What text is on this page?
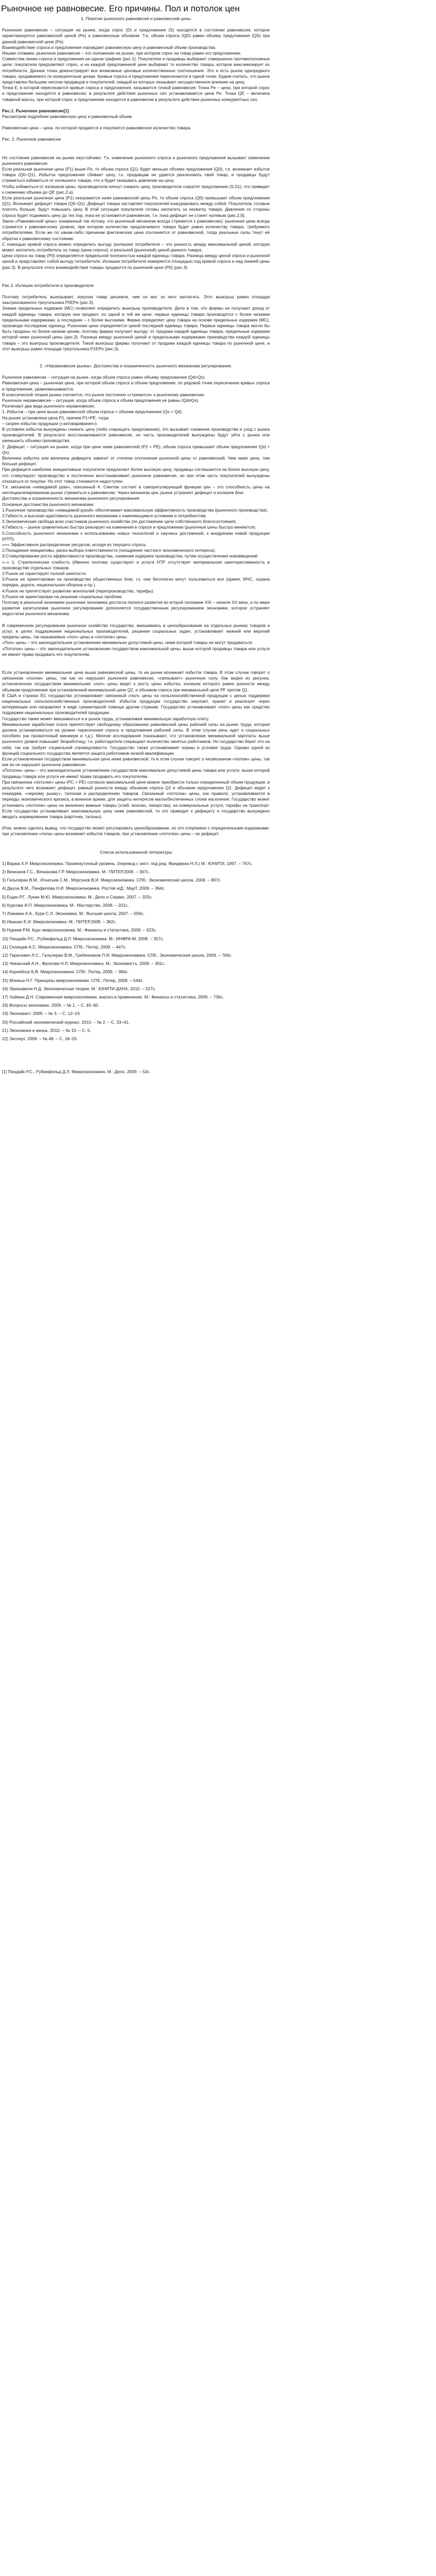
Рыночное не равновесие. Его причины. Пол и потолок цен

1. Понятие рыночного равновесия и равновесной цены

Рыночное равновесие – ситуация на рынке, когда спрос (D) и предложение (S) находятся в состоянии равновесия, которое характеризуется равновесной ценой (Pe) и равновесным объемом. Т.е. объем спроса (QD) равен объему предложения (QS) при данной равновесной цене (Pe).

Взаимодействие спроса и предложения порождает равновесную цену и равновесный объем производства.

Иными словами, рыночное равновесие – это положение на рынке, при котором спрос на товар равен его предложению.

Совместим линии спроса и предложения на одном графике (рис.1). Покупатели и продавцы выбирают совершенно противоположные цели: покупатели предъявляют спрос, и на каждой предложенной цене выбирают то количество товара, которое максимизирует их потребности. Данная точка демонстрирует все возможные ценовые количественные соотношения. Это и есть рынок однородного товара, продаваемого по конкурентным ценам. Кривые спроса и предложения пересекаются в одной точке. Будем считать, что рынок представлен большим числом продавцов и покупателей, каждый из которых оказывает несущественное влияние на цену.

Точка Е, в которой пересекаются кривые спроса и предложения, называется точкой равновесия. Точка Pe – цена, при которой спрос и предложение находятся в равновесии; в результате действия рыночных сил устанавливается цена Pe. Точка QE – величина товарной массы, при которой спрос и предложение находятся в равновесии в результате действия рыночных конкурентных сил.

Рис.1. Рыночное равновесие[1]

Рассмотрим подробнее равновесную цену и равновесный объем.

Равновесная цена – цена, по которой продается и покупается равновесное количество товара.

Рис. 2. Рыночное равновесие

Но состояние равновесия на рынке неустойчиво. Т.к. изменение рыночного спроса и рыночного предложения вызывает изменение рыночного равновесия.

Если реальная рыночная цена (P1) выше Pe, то объем спроса (Q1) будет меньше объема предложения (Q0), т.е. возникает избыток товара (Q0–Q1). Избыток предложения сбивает цену, т.к. продавцам не удается реализовать свой товар, и продавцы будут стремиться избавиться от излишнего товара, что и будет оказывать давление на цену.

Чтобы избавиться от излишков цены, производители начнут снижать цену, производители сократят предложение (S,S1), что приведет к снижению объема до QE (рис.2,а).

Если реальная рыночная цена (P1) оказывается ниже равновесной цены Pe, то объем спроса (Q0) превышает объем предложения (Q1). Возникает дефицит товара (Q0–Q1). Дефицит товара заставляет покупателей конкурировать между собой. Покупатели, готовые платить больше, будут повышать цену. В этой ситуации покупатели готовы заплатить за нехватку товара. Давление со стороны спроса будет поднимать цену до тех пор, пока не установится равновесие, т.е. пока дефицит не станет нулевым (рис.2,б).

Закон «Равновесной цены» (названный так потому, что рыночный механизм всегда стремится к равновесию): рыночная цена всегда стремится к равновесному уровню, при котором количество предлагаемого товара будет равно количеству товара, требуемого потребителями. Если же по каким-либо причинам фактическая цена отклоняется от равновесной, тогда реальные силы тянут её обратно к равновесному состоянию.

С помощью кривой спроса можно определить выгоду (излишек) потребителя – это разность между максимальной ценой, которую может заплатить потребитель за товар (цена спроса), и реальной (рыночной) ценой данного товара.

Цена спроса на товар (P0) определяется предельной полезностью каждой единицы товара. Разница между ценой спроса и рыночной ценой и представляет собой выгоду потребителя. Излишек потребителя измеряется площадью под кривой спроса и над линией цены (рис.3). В результате этого взаимодействия товары продаются по рыночной цене (P0) (рис.3).

Рис.3. Излишек потребителя и производителя

Поэтому потребитель выигрывает, покупая товар дешевле, чем он мог за него заплатить. Этот выигрыш равен площади заштрихованного треугольника P0EPe (рис.3).

Знание предельных издержек (MC) позволяет определить выигрыш производителя. Дело в том, что фирмы не получают доход от каждой единицы товара, которую они продают, по одной и той же цене: первые единицы товара производятся с более низкими предельными издержками, а последние – с более высокими. Фирма определяет цену товара на основе предельных издержек (MC), производя последнюю единицу. Рыночная цена определяется ценой последней единицы товара. Первые единицы товара могли бы быть проданы по более низким ценам, поэтому фирма получает выгоду: от продажи каждой единицы товара, предельные издержки которой ниже рыночной цены (рис.3). Разница между рыночной ценой и предельными издержками производства каждой единицы товара – это выигрыш производителя. Такой выигрыш фирмы получают от продажи каждой единицы товара по рыночной цене, и этот выигрыш равен площади треугольника P1EPe (рис.3).

2. «Неравновесие рынка». Достоинства и ограниченность рыночного механизма регулирования.

Рыночное равновесие – ситуация на рынке, когда объем спроса равен объему предложения (Qd=Qs).

Равновесная цена – рыночная цена, при которой объем спроса и объем предложения, по рядовой точке пересечения кривых спроса и предложения, уравновешиваются.

В классической теории рынка считается, что рынок постоянно «стремится» к рыночному равновесию.

Рыночное неравновесие – ситуация, когда объем спроса и объем предложения не равны (Qd≠Qs).

Различают два вида рыночного неравновесия:

1. Избыток – при цене выше равновесной объем спроса < объема предложения (Qs > Qd).

На рынке установлена цена P1, причем P1>PE, тогда

– скорее избыток продукции («затоваривание»).

В условиях избытка вынуждены снижать цену (либо сокращать предложение), это вызывает снижение производства и уход с рынка производителей. В результате восстанавливается равновесие, но часть производителей вынуждены будут уйти с рынка или уменьшить объемы производства.

2. Дефицит – ситуация на рынке, когда при цене ниже равновесной (P2 < PE), объем спроса превышает объем предложения (Qd > Qs).

Величина избытка или величина дефицита зависит от степени отклонения рыночной цены от равновесной. Чем ниже цена, тем больше дефицит.

При дефиците наиболее инициативные покупатели предлагают более высокую цену, продавцы соглашаются на более высокую цену, что стимулирует производство и постепенно восстанавливает рыночное равновесие, но при этом часть покупателей вынуждены отказаться от покупки. Но этот товар становится недоступен.

Т.е. механизм «невидимой руки», описанный А. Смитом состоит в саморегулирующей функции цен – это способность цены на неспециализированном рынке стремиться к равновесию. Через механизм цен, рынок устраняет дефицит и излишек благ.

Достоинства и ограниченность механизма рыночного регулирования.

Основные достоинства рыночного механизма:

1.Рыночное производство «невидимой рукой» обеспечивает максимальную эффективность производства (рыночного производства).

2.Гибкость и высокая адаптивность рыночного механизма к изменяющимся условиям и потребностям.

3.Экономическая свобода всех участников рыночного хозяйства (по достижению цели собственного благосостояния).

4.Гибкость – рынок сравнительно быстро реагирует на изменения в спросе и предложении (рыночные цены быстро меняются).

5.Способность рыночного механизма к использованию новых технологий и научных достижений, к внедрению новой продукции (НТП).

«+» Эффективное распределение ресурсов, исходя из текущего спроса.

2.Поощрение инициативы, риска выбора ответственности (поощрение частного экономического интереса).

3.Стимулирование роста эффективности производства, снижение издержек производства, путем осуществления нововведений.

«–» 1. Стратегическая слабость (Именно поэтому существуют и услуги НТР отсутствует материальная заинтересованность в производстве отдельных товаров.

2.Рынок не гарантирует полной занятости.

3.Рынок не ориентирован на производство общественных благ, т.к. они бесплатно могут пользоваться все (армия, МЧС, охрана порядка, дороги, национальная оборона и пр.).

4.Рынок не препятствует развитию монополий (перепроизводство, тарифы).

5.Рынок не ориентирован на решение социальных проблем.

Поэтому в реальной экономике рыночная экономика достигла полного развития во второй половине XIX – начале XX века, а по мере развития капитализма рыночное регулирование дополняется государственным регулированием экономики, которое устраняет недостатки рыночного механизма.

В современном регулировании рыночное хозяйство государство, вмешиваясь в ценообразование на отдельных рынках товаров и услуг, в целях поддержания национальных производителей, решения социальных задач, устанавливает нижний или верхний пределы цены, так называемые «пол» цены и «потолок» цены.

«Пол» цены – это законодательное установление минимально допустимой цены, ниже которой товары не могут продаваться.

«Потолок» цены – это законодательное установление государством максимальной цены, выше которой продавцы товара или услуги не имеют права продавать его покупателям.

Если установленная минимальная цена выше равновесной цены, то на рынке возникает избыток товара. В этом случае говорят о связанном «полом» цены, так как он нарушает рыночное равновесие, «связывает» рыночную силу. Как видно из рисунка, установленная государством минимальная «пол» цены ведет к росту цены избытка, излишек которого равен разности между объемом предложения при установленной минимальной цене Q2, и объемом спроса при минимальной цене PF против Q1.

В США и странах ЕС государство устанавливает связанный «пол» цены на сельскохозяйственной продукции с целью поддержки национальных сельскохозяйственных производителей. Избыток продукции государство закупает, хранит и реализует через интервенции или направляет в виде гуманитарной помощи другим странам. Государство устанавливает «пол» цены как средство поддержки национальных производителей продукции.

Государство также может вмешиваться и в рынок труда, устанавливая минимальную заработную плату.

Минимальная заработная плата препятствует свободному образованию равновесной цены рабочей силы на рынке труда, которая должна устанавливаться на уровне пересечения спроса и предложения рабочей силы. В этом случае речь идет о социальных пособиях (на прожиточный минимум и т.д.). Многие исследования показывают, что установление минимальной зарплаты выше рыночного уровня повышает безработицу, т.е. работодатели сокращают количество занятых работников. Но государство берет это на себя, так как требует социальной справедливости. Государство также устанавливает нормы и условия труда. Однако одной из функций социального государства является защита работников низкой квалификации.

Если установленная государством минимальная цена ниже равновесной, то в этом случае говорят о несвязанном «полом» цены, так как он не нарушает рыночное равновесие.

«Потолок» цены – это законодательное установление государством максимально допустимой цены товара или услуги, выше которой продавцы товара или услуги не имеют права продавать его покупателям.

При связанном «потолке» цены (PC < PE) согласно максимальной цене можно приобрести только определенный объем продукции, в результате чего возникает дефицит, равный разности между объемом спроса Q2 и объемом предложения Q1. Дефицит ведет к очередям, «черному рынку», талонам и распределению товаров. Связанный «потолок» цены, как правило, устанавливается в периоды экономического кризиса, в военное время, для защиты интересов малообеспеченных слоев населения. Государство может установить «потолок» цены на жизненно важные товары (хлеб, молоко, лекарства), на коммунальные услуги, тарифы на транспорт. Если государство устанавливает максимальную цену ниже равновесной, то это приводит к дефициту и государство вынуждено вводить нормирование товара (карточки, талоны).

Итак, можно сделать вывод, что государство может регулировать ценообразование, но это сопряжено с определенными издержками: при установлении «пола» цены возникает избыток товаров, при установлении «потолка» цены – их дефицит.

Список использованной литературы

1) Варма Х.Р. Микроэкономика. Промежуточный уровень. (перевод с англ. под ред. Фридмана Н.Л.) М.: ЮНИТИ, 1997. – 767с.
2) Вечканов Г.С., Вечканова Г.Р. Микроэкономика. М.: ПИТЕР,2008. – 367с.
3) Гальперин В.М., Игнатьев С.М., Моргунов В.И. Микроэкономика. СПб.: Экономическая школа, 2008. – 897с.
4) Джуха В.М., Панфилова Н.И. Микроэкономика. Ростов н/Д.: МарТ, 2009. – 364с.
5) Ещин Р.Г., Лукин М.Ю. Микроэкономика. М.: Дело и Сервис, 2007. – 325с.
6) Курсова И.П. Микроэкономика. М.: Мастерство, 2008. – 201с.
7) Ломакин К.А., Бурк С.Л. Экономика. М.: Высшая школа, 2007. – 556с.
8) Ивашко Е.И. Микроэкономика. М.: ПИТЕР,2008. – 362с.
9) Нуреев Р.М. Курс микроэкономики. М.: Финансы и статистика, 2008. – 623с.
10) Пиндайк Р.С., Рубинфельд Д.Л. Микроэкономика. М.: ИНФРА-М, 2008. – 357с.
11) Селищев А.С. Микроэкономика. СПб.: Питер, 2009. – 447с.
12) Тарасевич Л.С., Гальперин В.М., Гребенников П.И. Микроэкономика. СПб.: Экономическая школа, 2009. – 784с.
13) Чеканский А.Н., Фролова Н.Л. Микроэкономика. М.: Экономистъ, 2009. – 301с.
14) Корнейчук Б.В. Микроэкономика. СПб.: Питер, 2009. – 384с.
15) Мэнкью Н.Г. Принципы микроэкономики. СПб.: Питер, 2008. – 544с.
16) Эриашвили Н.Д. Экономическая теория. М.: ЮНИТИ-ДАНА, 2010. – 527с.
17) Хайман Д.Н. Современная микроэкономика: анализ и применение. М.: Финансы и статистика, 2009. – 736с.
18) Вопросы экономики. 2009. – № 1. – С. 45–60.
19) Экономист. 2009. – № 3. – С. 12–24.
20) Российский экономический журнал. 2010. – № 2. – С. 33–41.
21) Экономика и жизнь. 2010. – № 10. – С. 5.
22) Эксперт. 2009. – № 48. – С. 18–26.

[1] Пиндайк Р.С., Рубинфельд Д.Л. Микроэкономика. М.: Дело, 2009. – 53с.
